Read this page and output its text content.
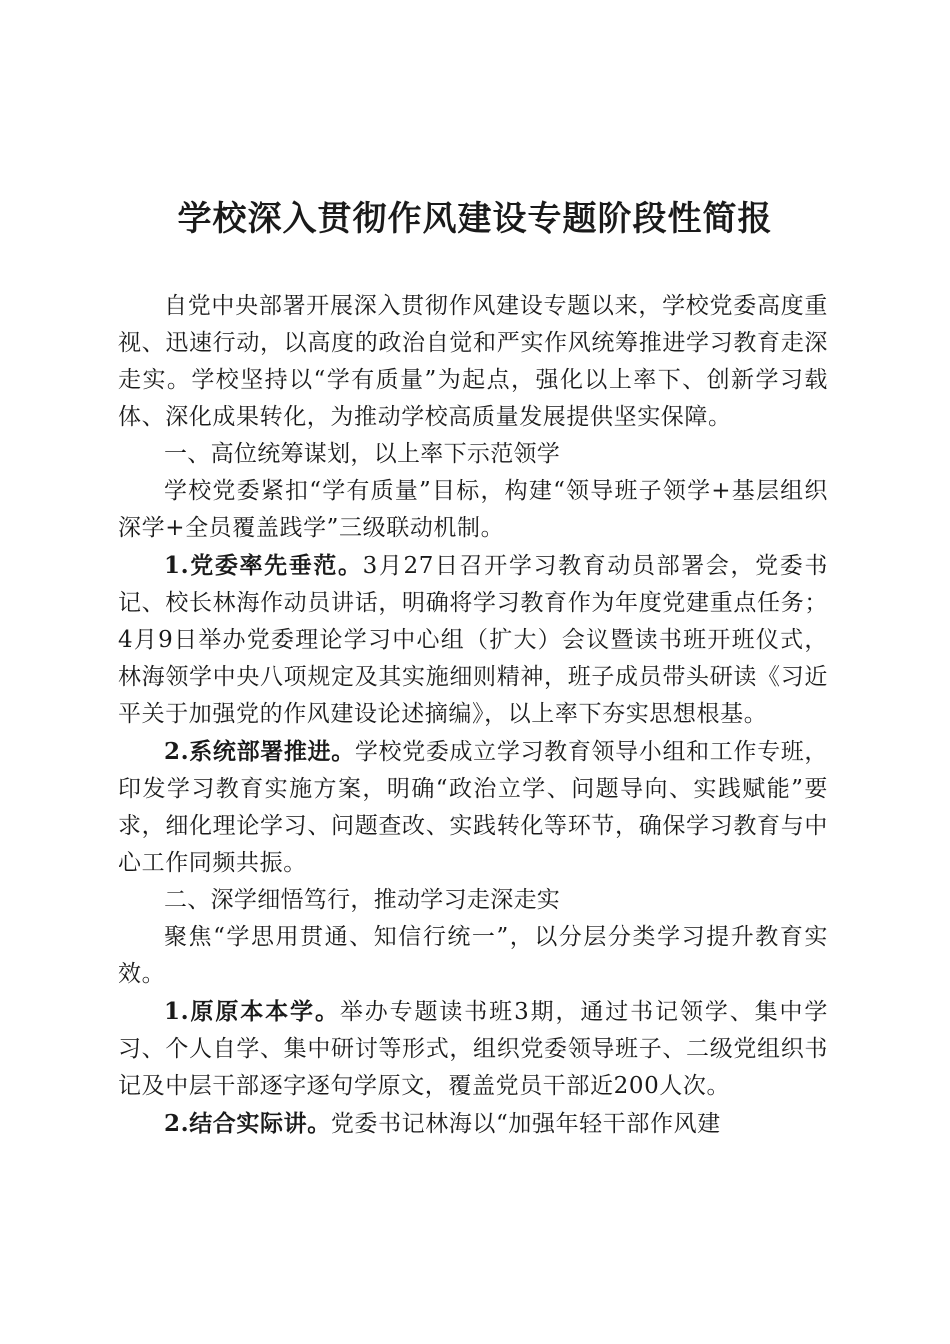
学校深入贯彻作风建设专题阶段性简报

自党中央部署开展深入贯彻作风建设专题以来，学校党委高度重视、迅速行动，以高度的政治自觉和严实作风统筹推进学习教育走深走实。学校坚持以“学有质量”为起点，强化以上率下、创新学习载体、深化成果转化，为推动学校高质量发展提供坚实保障。

一、高位统筹谋划，以上率下示范领学

学校党委紧扣“学有质量”目标，构建“领导班子领学+基层组织深学+全员覆盖践学”三级联动机制。

1.党委率先垂范。3月27日召开学习教育动员部署会，党委书记、校长林海作动员讲话，明确将学习教育作为年度党建重点任务；4月9日举办党委理论学习中心组（扩大）会议暨读书班开班仪式，林海领学中央八项规定及其实施细则精神，班子成员带头研读《习近平关于加强党的作风建设论述摘编》，以上率下夯实思想根基。

2.系统部署推进。学校党委成立学习教育领导小组和工作专班，印发学习教育实施方案，明确“政治立学、问题导向、实践赋能”要求，细化理论学习、问题查改、实践转化等环节，确保学习教育与中心工作同频共振。

二、深学细悟笃行，推动学习走深走实

聚焦“学思用贯通、知信行统一”，以分层分类学习提升教育实效。

1.原原本本学。举办专题读书班3期，通过书记领学、集中学习、个人自学、集中研讨等形式，组织党委领导班子、二级党组织书记及中层干部逐字逐句学原文，覆盖党员干部近200人次。

2.结合实际讲。党委书记林海以“加强年轻干部作风建
